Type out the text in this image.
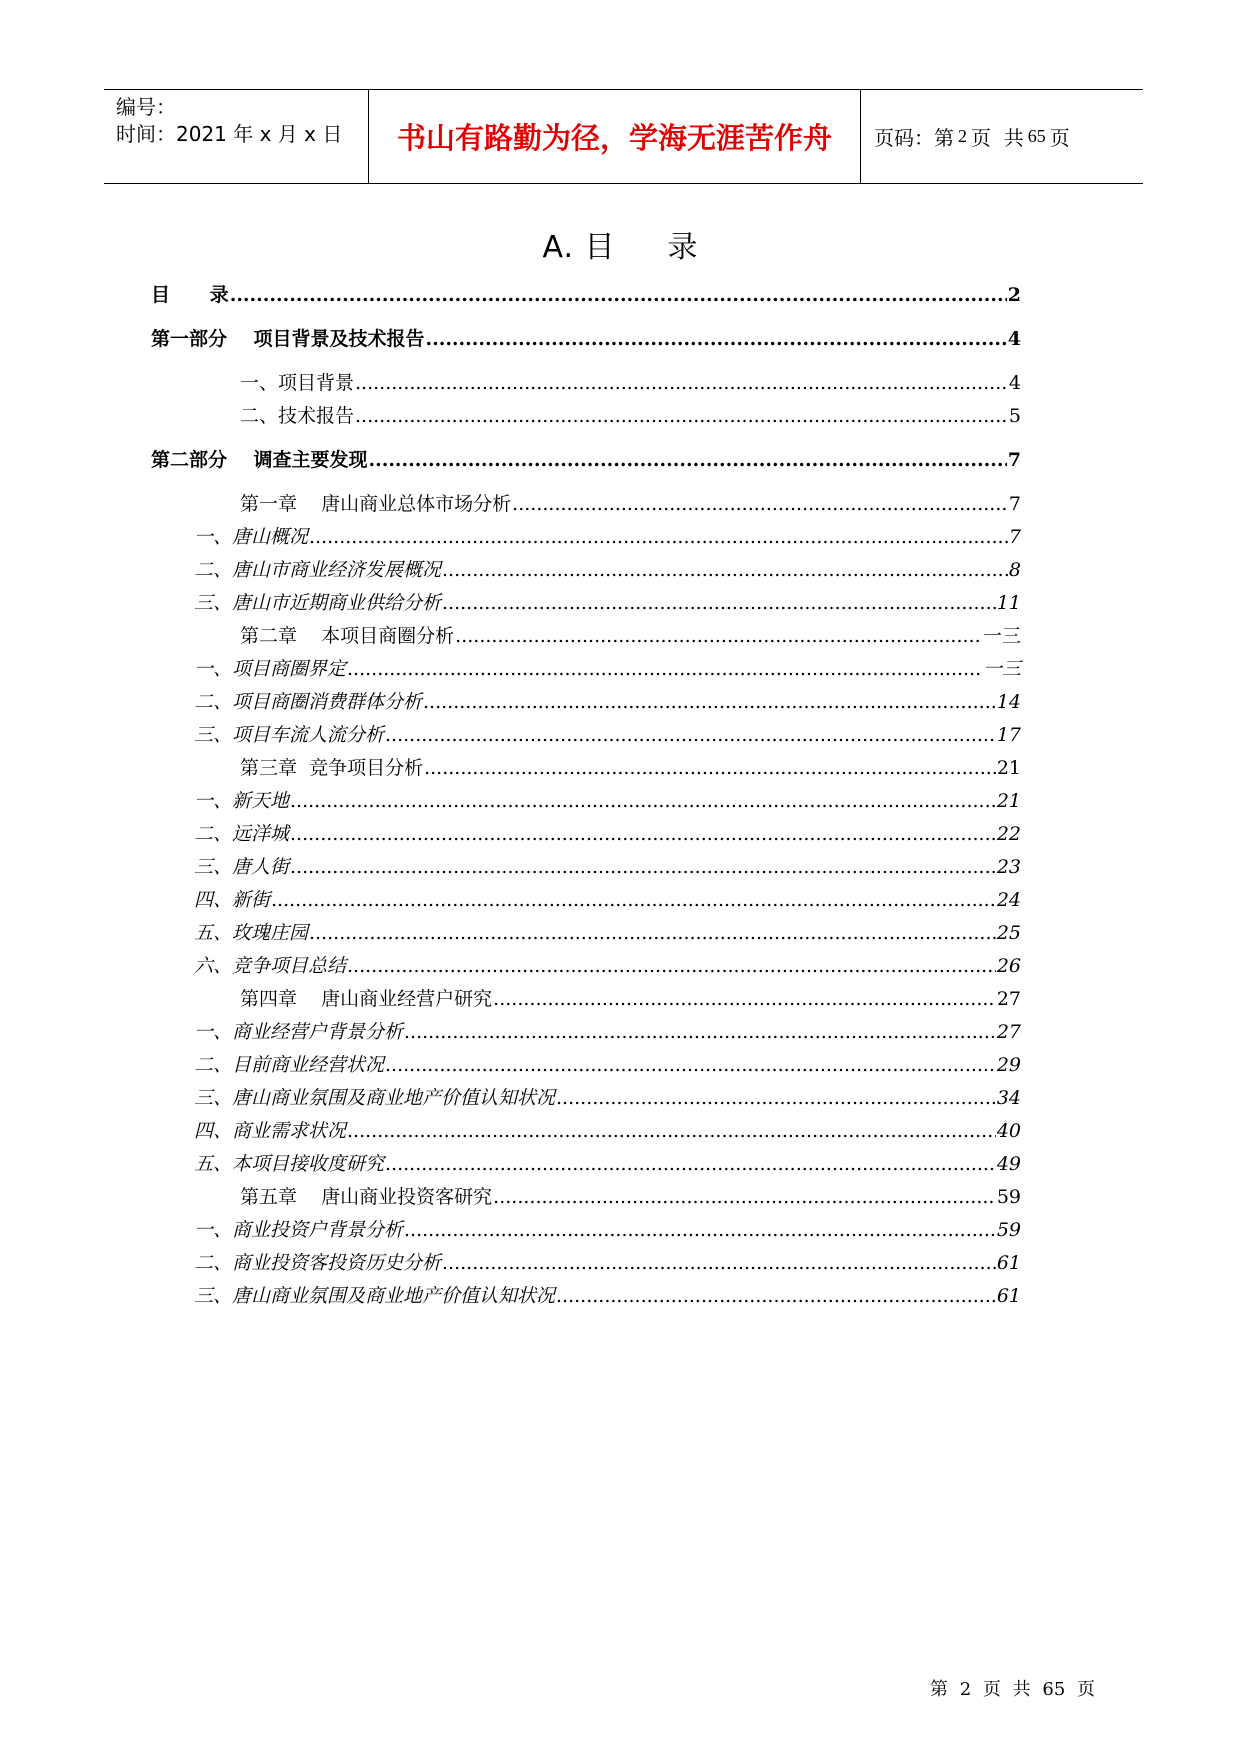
编号：
时间：2021 年 x 月 x 日	书山有路勤为径，学海无涯苦作舟	页码：第 2 页  共 65 页
A. 目 录
目      录 .....	2
第一部分    项目背景及技术报告 .....	4
一、项目背景 .....	4
二、技术报告 .....	5
第二部分    调查主要发现 .....	7
第一章    唐山商业总体市场分析 .....	7
一、唐山概况 .....	7
二、唐山市商业经济发展概况 .....	8
三、唐山市近期商业供给分析 .....	11
第二章    本项目商圈分析 .....	一三
一、项目商圈界定 .....	一三
二、项目商圈消费群体分析 .....	14
三、项目车流人流分析 .....	17
第三章  竞争项目分析 .....	21
一、新天地 .....	21
二、远洋城 .....	22
三、唐人街 .....	23
四、新街 .....	24
五、玫瑰庄园 .....	25
六、竞争项目总结 .....	26
第四章    唐山商业经营户研究 .....	27
一、商业经营户背景分析 .....	27
二、目前商业经营状况 .....	29
三、唐山商业氛围及商业地产价值认知状况 .....	34
四、商业需求状况 .....	40
五、本项目接收度研究 .....	49
第五章    唐山商业投资客研究 .....	59
一、商业投资户背景分析 .....	59
二、商业投资客投资历史分析 .....	61
三、唐山商业氛围及商业地产价值认知状况 .....	61
第 2 页 共 65 页
